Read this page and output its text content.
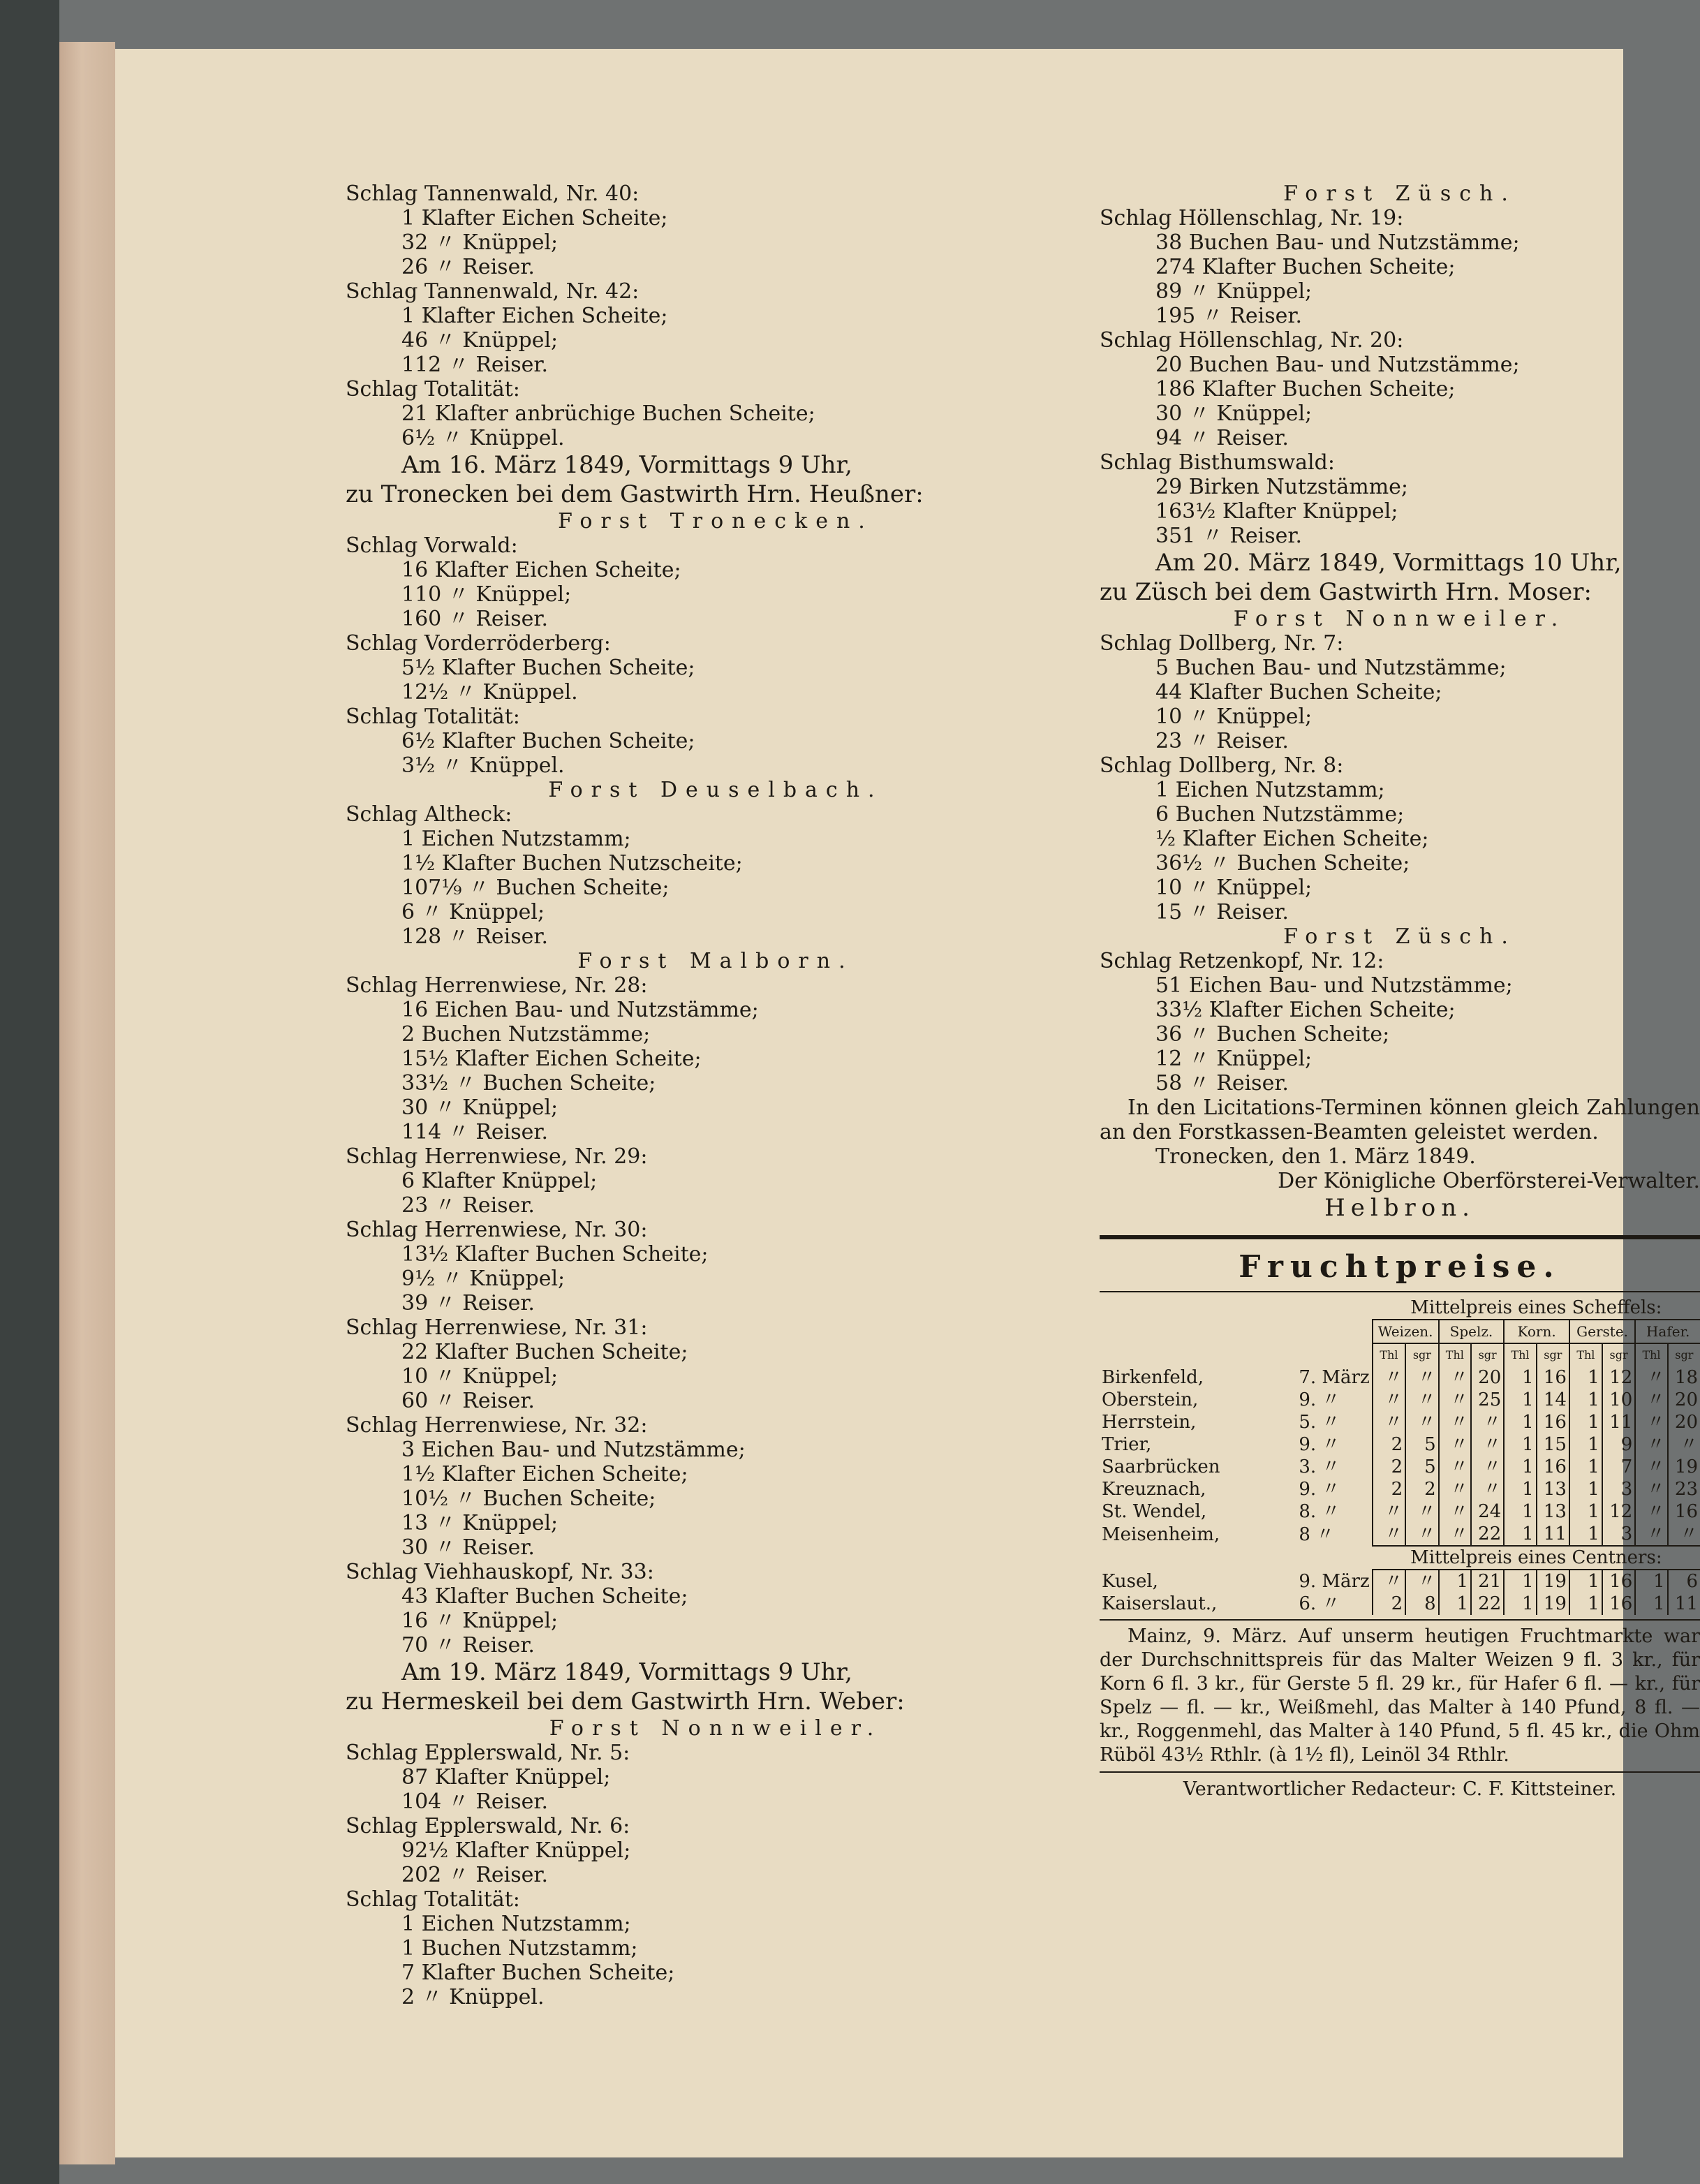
Schlag Tannenwald, Nr. 40:
1 Klafter Eichen Scheite;
32 〃 Knüppel;
26 〃 Reiser.
Schlag Tannenwald, Nr. 42:
1 Klafter Eichen Scheite;
46 〃 Knüppel;
112 〃 Reiser.
Schlag Totalität:
21 Klafter anbrüchige Buchen Scheite;
6½ 〃 Knüppel.
Am 16. März 1849, Vormittags 9 Uhr,
zu Tronecken bei dem Gastwirth Hrn. Heußner:
Forst Tronecken.
Schlag Vorwald:
16 Klafter Eichen Scheite;
110 〃 Knüppel;
160 〃 Reiser.
Schlag Vorderröderberg:
5½ Klafter Buchen Scheite;
12½ 〃 Knüppel.
Schlag Totalität:
6½ Klafter Buchen Scheite;
3½ 〃 Knüppel.
Forst Deuselbach.
Schlag Altheck:
1 Eichen Nutzstamm;
1½ Klafter Buchen Nutzscheite;
107⅑ 〃 Buchen Scheite;
6 〃 Knüppel;
128 〃 Reiser.
Forst Malborn.
Schlag Herrenwiese, Nr. 28:
16 Eichen Bau- und Nutzstämme;
2 Buchen Nutzstämme;
15½ Klafter Eichen Scheite;
33½ 〃 Buchen Scheite;
30 〃 Knüppel;
114 〃 Reiser.
Schlag Herrenwiese, Nr. 29:
6 Klafter Knüppel;
23 〃 Reiser.
Schlag Herrenwiese, Nr. 30:
13½ Klafter Buchen Scheite;
9½ 〃 Knüppel;
39 〃 Reiser.
Schlag Herrenwiese, Nr. 31:
22 Klafter Buchen Scheite;
10 〃 Knüppel;
60 〃 Reiser.
Schlag Herrenwiese, Nr. 32:
3 Eichen Bau- und Nutzstämme;
1½ Klafter Eichen Scheite;
10½ 〃 Buchen Scheite;
13 〃 Knüppel;
30 〃 Reiser.
Schlag Viehhauskopf, Nr. 33:
43 Klafter Buchen Scheite;
16 〃 Knüppel;
70 〃 Reiser.
Am 19. März 1849, Vormittags 9 Uhr,
zu Hermeskeil bei dem Gastwirth Hrn. Weber:
Forst Nonnweiler.
Schlag Epplerswald, Nr. 5:
87 Klafter Knüppel;
104 〃 Reiser.
Schlag Epplerswald, Nr. 6:
92½ Klafter Knüppel;
202 〃 Reiser.
Schlag Totalität:
1 Eichen Nutzstamm;
1 Buchen Nutzstamm;
7 Klafter Buchen Scheite;
2 〃 Knüppel.
Forst Züsch.
Schlag Höllenschlag, Nr. 19:
38 Buchen Bau- und Nutzstämme;
274 Klafter Buchen Scheite;
89 〃 Knüppel;
195 〃 Reiser.
Schlag Höllenschlag, Nr. 20:
20 Buchen Bau- und Nutzstämme;
186 Klafter Buchen Scheite;
30 〃 Knüppel;
94 〃 Reiser.
Schlag Bisthumswald:
29 Birken Nutzstämme;
163½ Klafter Knüppel;
351 〃 Reiser.
Am 20. März 1849, Vormittags 10 Uhr,
zu Züsch bei dem Gastwirth Hrn. Moser:
Forst Nonnweiler.
Schlag Dollberg, Nr. 7:
5 Buchen Bau- und Nutzstämme;
44 Klafter Buchen Scheite;
10 〃 Knüppel;
23 〃 Reiser.
Schlag Dollberg, Nr. 8:
1 Eichen Nutzstamm;
6 Buchen Nutzstämme;
½ Klafter Eichen Scheite;
36½ 〃 Buchen Scheite;
10 〃 Knüppel;
15 〃 Reiser.
Forst Züsch.
Schlag Retzenkopf, Nr. 12:
51 Eichen Bau- und Nutzstämme;
33½ Klafter Eichen Scheite;
36 〃 Buchen Scheite;
12 〃 Knüppel;
58 〃 Reiser.
In den Licitations-Terminen können gleich Zahlungen an den Forstkassen-Beamten geleistet werden.
Tronecken, den 1. März 1849.
Der Königliche Oberförsterei-Verwalter.
Helbron.
Fruchtpreise.
		Mittelpreis eines Scheffels:									
		Weizen.		Spelz.		Korn.		Gerste.		Hafer.	
		Thl	sgr	Thl	sgr	Thl	sgr	Thl	sgr	Thl	sgr
Birkenfeld,	7. März	〃	〃	〃	20	1	16	1	12	〃	18
Oberstein,	9. 〃	〃	〃	〃	25	1	14	1	10	〃	20
Herrstein,	5. 〃	〃	〃	〃	〃	1	16	1	11	〃	20
Trier,	9. 〃	2	5	〃	〃	1	15	1	9	〃	〃
Saarbrücken	3. 〃	2	5	〃	〃	1	16	1	7	〃	19
Kreuznach,	9. 〃	2	2	〃	〃	1	13	1	3	〃	23
St. Wendel,	8. 〃	〃	〃	〃	24	1	13	1	12	〃	16
Meisenheim,	8 〃	〃	〃	〃	22	1	11	1	3	〃	〃
		Mittelpreis eines Centners:									
Kusel,	9. März	〃	〃	1	21	1	19	1	16	1	6
Kaiserslaut.,	6. 〃	2	8	1	22	1	19	1	16	1	11
Mainz, 9. März. Auf unserm heutigen Fruchtmarkte war der Durchschnittspreis für das Malter Weizen 9 fl. 3 kr., für Korn 6 fl. 3 kr., für Gerste 5 fl. 29 kr., für Hafer 6 fl. — kr., für Spelz — fl. — kr., Weißmehl, das Malter à 140 Pfund, 8 fl. — kr., Roggenmehl, das Malter à 140 Pfund, 5 fl. 45 kr., die Ohm Rüböl 43½ Rthlr. (à 1½ fl), Leinöl 34 Rthlr.
Verantwortlicher Redacteur: C. F. Kittsteiner.
